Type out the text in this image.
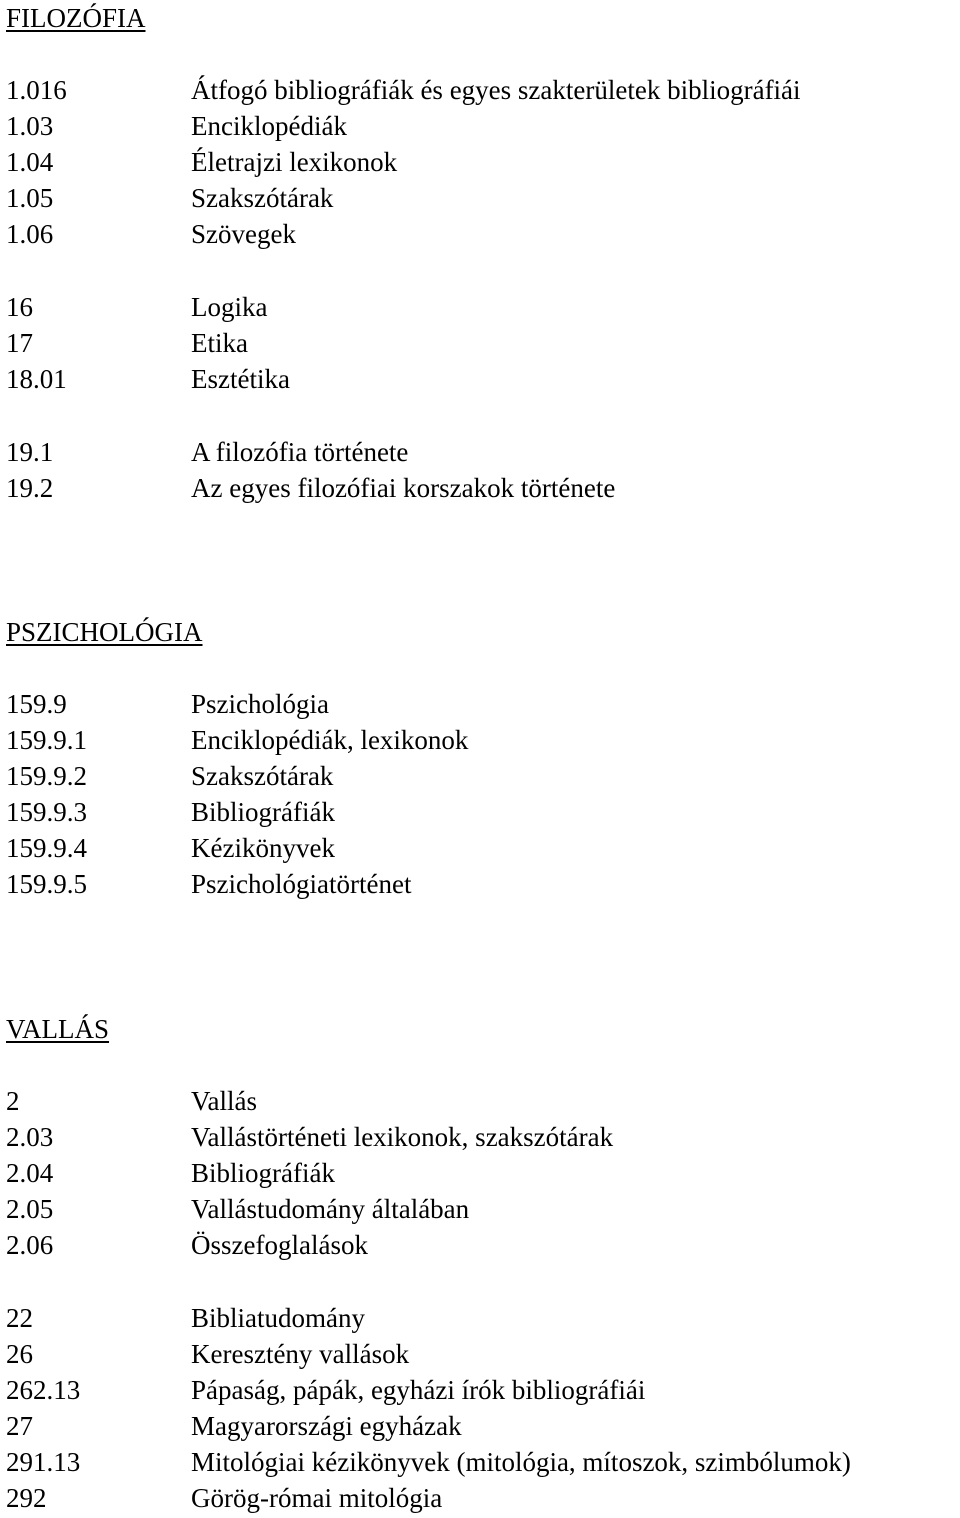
FILOZÓFIA
1.016	Átfogó bibliográfiák és egyes szakterületek bibliográfiái
1.03	Enciklopédiák
1.04	Életrajzi lexikonok
1.05	Szakszótárak
1.06	Szövegek
16	Logika
17	Etika
18.01	Esztétika
19.1	A filozófia története
19.2	Az egyes filozófiai korszakok története
PSZICHOLÓGIA
159.9	Pszichológia
159.9.1	Enciklopédiák, lexikonok
159.9.2	Szakszótárak
159.9.3	Bibliográfiák
159.9.4	Kézikönyvek
159.9.5	Pszichológiatörténet
VALLÁS
2	Vallás
2.03	Vallástörténeti lexikonok, szakszótárak
2.04	Bibliográfiák
2.05	Vallástudomány általában
2.06	Összefoglalások
22	Bibliatudomány
26	Keresztény vallások
262.13	Pápaság, pápák, egyházi írók bibliográfiái
27	Magyarországi egyházak
291.13	Mitológiai kézikönyvek (mitológia, mítoszok, szimbólumok)
292	Görög-római mitológia
